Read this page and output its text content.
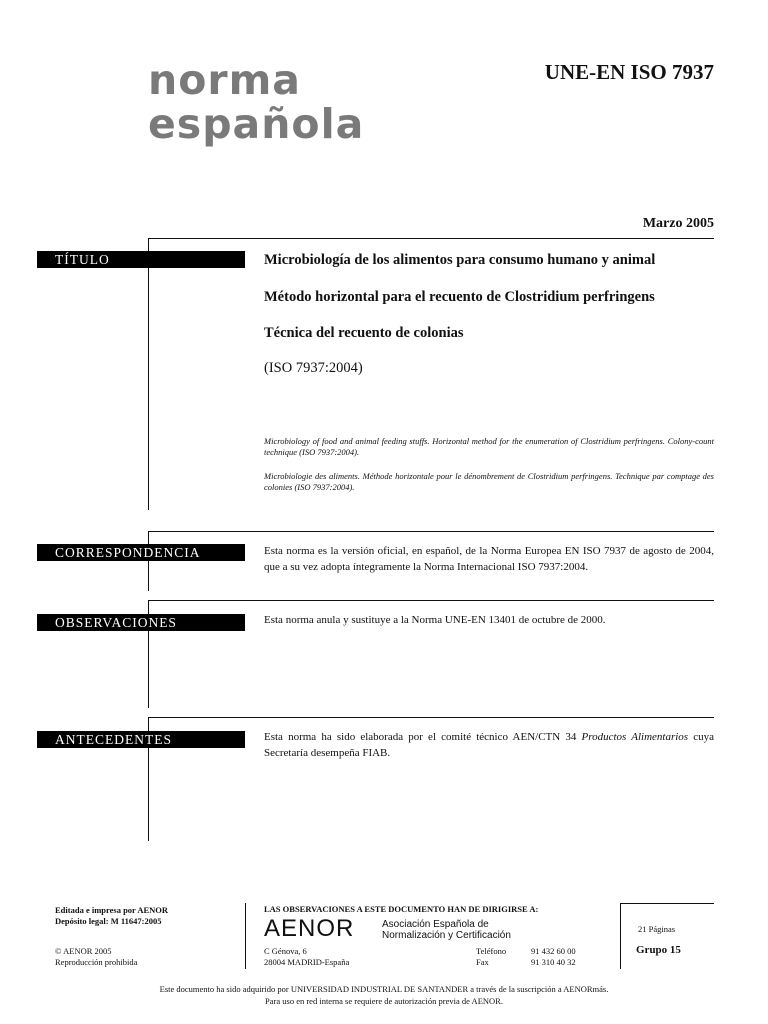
norma
española
UNE-EN ISO 7937
Marzo 2005
TÍTULO	Microbiología de los alimentos para consumo humano y animal
Método horizontal para el recuento de Clostridium perfringens
Técnica del recuento de colonias
(ISO 7937:2004)
Microbiology of food and animal feeding stuffs. Horizontal method for the enumeration of Clostridium perfringens. Colony-count technique (ISO 7937:2004).
Microbiologie des aliments. Méthode horizontale pour le dénombrement de Clostridium perfringens. Technique par comptage des colonies (ISO 7937:2004).
CORRESPONDENCIA	Esta norma es la versión oficial, en español, de la Norma Europea EN ISO 7937 de agosto de 2004, que a su vez adopta íntegramente la Norma Internacional ISO 7937:2004.
OBSERVACIONES	Esta norma anula y sustituye a la Norma UNE-EN 13401 de octubre de 2000.
ANTECEDENTES	Esta norma ha sido elaborada por el comité técnico AEN/CTN 34 Productos Alimentarios cuya Secretaría desempeña FIAB.
Editada e impresa por AENOR
Depósito legal: M 11647:2005
© AENOR 2005
Reproducción prohibida
LAS OBSERVACIONES A ESTE DOCUMENTO HAN DE DIRIGIRSE A:
AENOR	Asociación Española de
Normalización y Certificación
C Génova, 6
28004 MADRID-España
Teléfono	91 432 60 00
Fax	91 310 40 32
21 Páginas
Grupo 15
Este documento ha sido adquirido por UNIVERSIDAD INDUSTRIAL DE SANTANDER a través de la suscripción a AENORmás.
Para uso en red interna se requiere de autorización previa de AENOR.
